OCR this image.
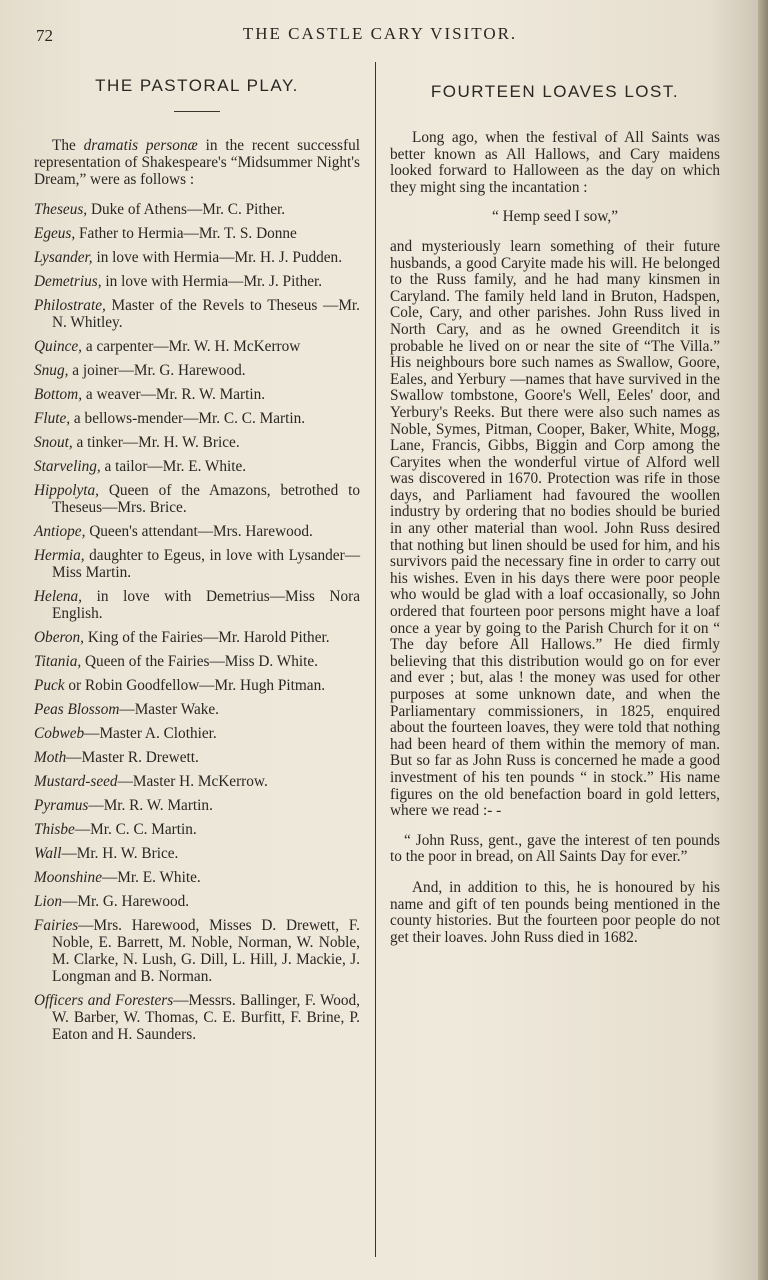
72	THE CASTLE CARY VISITOR.
THE PASTORAL PLAY.

The dramatis personæ in the recent successful representation of Shakespeare's “Midsummer Night's Dream,” were as follows :

Theseus, Duke of Athens—Mr. C. Pither.

Egeus, Father to Hermia—Mr. T. S. Donne

Lysander, in love with Hermia—Mr. H. J. Pudden.

Demetrius, in love with Hermia—Mr. J. Pither.

Philostrate, Master of the Revels to Theseus —Mr. N. Whitley.

Quince, a carpenter—Mr. W. H. McKerrow

Snug, a joiner—Mr. G. Harewood.

Bottom, a weaver—Mr. R. W. Martin.

Flute, a bellows-mender—Mr. C. C. Martin.

Snout, a tinker—Mr. H. W. Brice.

Starveling, a tailor—Mr. E. White.

Hippolyta, Queen of the Amazons, betrothed to Theseus—Mrs. Brice.

Antiope, Queen's attendant—Mrs. Harewood.

Hermia, daughter to Egeus, in love with Lysander—Miss Martin.

Helena, in love with Demetrius—Miss Nora English.

Oberon, King of the Fairies—Mr. Harold Pither.

Titania, Queen of the Fairies—Miss D. White.

Puck or Robin Goodfellow—Mr. Hugh Pitman.

Peas Blossom—Master Wake.

Cobweb—Master A. Clothier.

Moth—Master R. Drewett.

Mustard-seed—Master H. McKerrow.

Pyramus—Mr. R. W. Martin.

Thisbe—Mr. C. C. Martin.

Wall—Mr. H. W. Brice.

Moonshine—Mr. E. White.

Lion—Mr. G. Harewood.

Fairies—Mrs. Harewood, Misses D. Drewett, F. Noble, E. Barrett, M. Noble, Norman, W. Noble, M. Clarke, N. Lush, G. Dill, L. Hill, J. Mackie, J. Longman and B. Norman.

Officers and Foresters—Messrs. Ballinger, F. Wood, W. Barber, W. Thomas, C. E. Burfitt, F. Brine, P. Eaton and H. Saunders.

FOURTEEN LOAVES LOST.

Long ago, when the festival of All Saints was better known as All Hallows, and Cary maidens looked forward to Halloween as the day on which they might sing the incantation :

“ Hemp seed I sow,”

and mysteriously learn something of their future husbands, a good Caryite made his will. He belonged to the Russ family, and he had many kinsmen in Caryland. The family held land in Bruton, Hadspen, Cole, Cary, and other parishes. John Russ lived in North Cary, and as he owned Greenditch it is probable he lived on or near the site of “The Villa.” His neighbours bore such names as Swallow, Goore, Eales, and Yerbury —names that have survived in the Swallow tombstone, Goore's Well, Eeles' door, and Yerbury's Reeks. But there were also such names as Noble, Symes, Pitman, Cooper, Baker, White, Mogg, Lane, Francis, Gibbs, Biggin and Corp among the Caryites when the wonderful virtue of Alford well was discovered in 1670. Protection was rife in those days, and Parliament had favoured the woollen industry by ordering that no bodies should be buried in any other material than wool. John Russ desired that nothing but linen should be used for him, and his survivors paid the necessary fine in order to carry out his wishes. Even in his days there were poor people who would be glad with a loaf occasionally, so John ordered that fourteen poor persons might have a loaf once a year by going to the Parish Church for it on “ The day before All Hallows.” He died firmly believing that this distribution would go on for ever and ever ; but, alas ! the money was used for other purposes at some unknown date, and when the Parliamentary commissioners, in 1825, enquired about the fourteen loaves, they were told that nothing had been heard of them within the memory of man. But so far as John Russ is concerned he made a good investment of his ten pounds “ in stock.” His name figures on the old benefaction board in gold letters, where we read :- -

“ John Russ, gent., gave the interest of ten pounds to the poor in bread, on All Saints Day for ever.”

And, in addition to this, he is honoured by his name and gift of ten pounds being mentioned in the county histories. But the fourteen poor people do not get their loaves. John Russ died in 1682.
